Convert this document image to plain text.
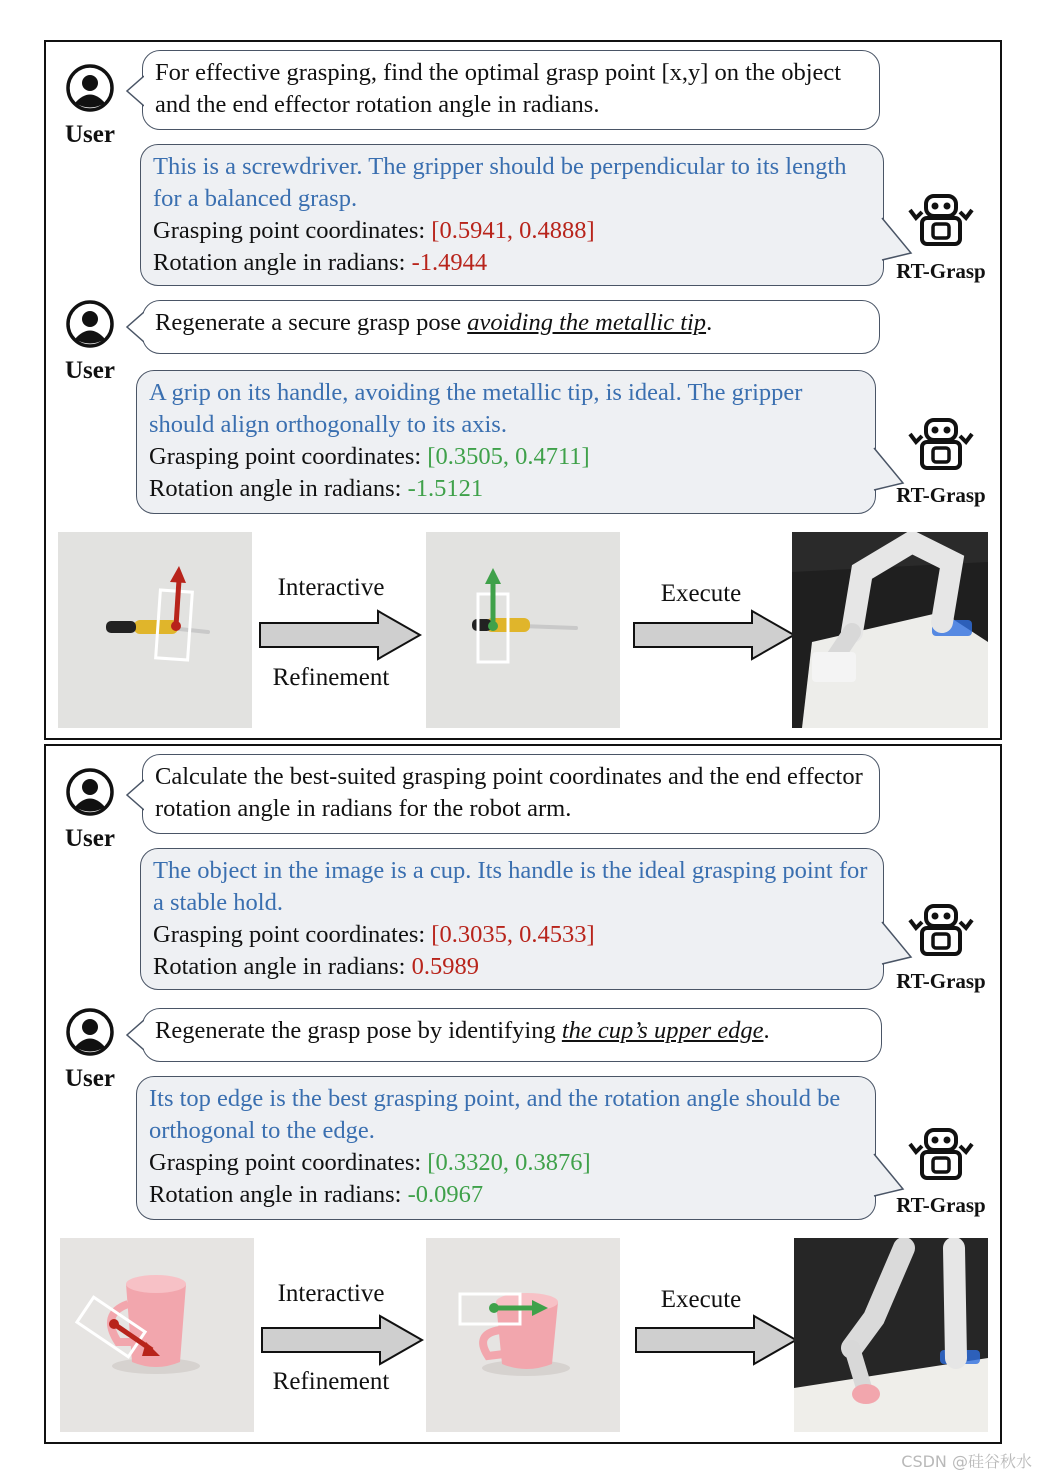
User
For effective grasping, find the optimal grasp point [x,y] on the object and the end effector rotation angle in radians.
This is a screwdriver. The gripper should be perpendicular to its length for a balanced grasp.
Grasping point coordinates: [0.5941, 0.4888]
Rotation angle in radians: -1.4944	RT-Grasp
User
Regenerate a secure grasp pose avoiding the metallic tip.
A grip on its handle, avoiding the metallic tip, is ideal. The gripper should align orthogonally to its axis.
Grasping point coordinates: [0.3505, 0.4711]
Rotation angle in radians: -1.5121	RT-Grasp
Interactive
Refinement
Execute
User
Calculate the best-suited grasping point coordinates and the end effector rotation angle in radians for the robot arm.
The object in the image is a cup. Its handle is the ideal grasping point for a stable hold.
Grasping point coordinates: [0.3035, 0.4533]
Rotation angle in radians: 0.5989
RT-Grasp
User
Regenerate the grasp pose by identifying the cup’s upper edge.
Its top edge is the best grasping point, and the rotation angle should be orthogonal to the edge.
Grasping point coordinates: [0.3320, 0.3876]
Rotation angle in radians: -0.0967	RT-Grasp
Interactive
Refinement
Execute
CSDN @硅谷秋水
